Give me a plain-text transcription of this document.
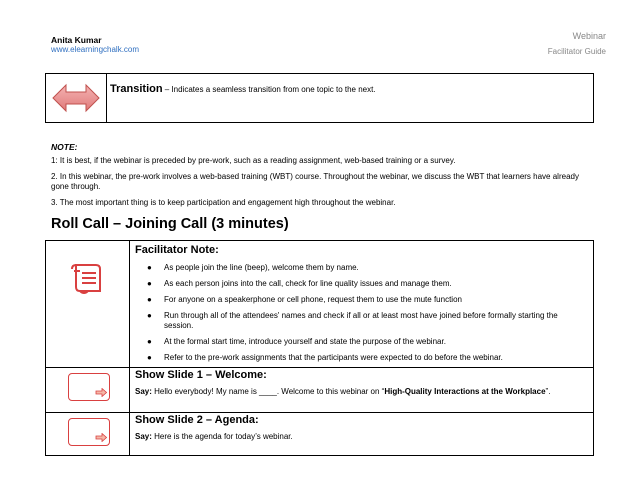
Anita Kumar
www.elearningchalk.com
Webinar
Facilitator Guide
Transition – Indicates a seamless transition from one topic to the next.
NOTE:
1: It is best, if the webinar is preceded by pre-work, such as a reading assignment, web-based training or a survey.
2. In this webinar, the pre-work involves a web-based training (WBT) course. Throughout the webinar, we discuss the WBT that learners have already gone through.
3. The most important thing is to keep participation and engagement high throughout the webinar.
Roll Call – Joining Call (3 minutes)
Facilitator Note:
● As people join the line (beep), welcome them by name.
● As each person joins into the call, check for line quality issues and manage them.
● For anyone on a speakerphone or cell phone, request them to use the mute function
● Run through all of the attendees' names and check if all or at least most have joined before formally starting the session.
● At the formal start time, introduce yourself and state the purpose of the webinar.
● Refer to the pre-work assignments that the participants were expected to do before the webinar.
Show Slide 1 – Welcome:
Say: Hello everybody! My name is ____. Welcome to this webinar on “High-Quality Interactions at the Workplace”.
Show Slide 2 – Agenda:
Say: Here is the agenda for today’s webinar.
